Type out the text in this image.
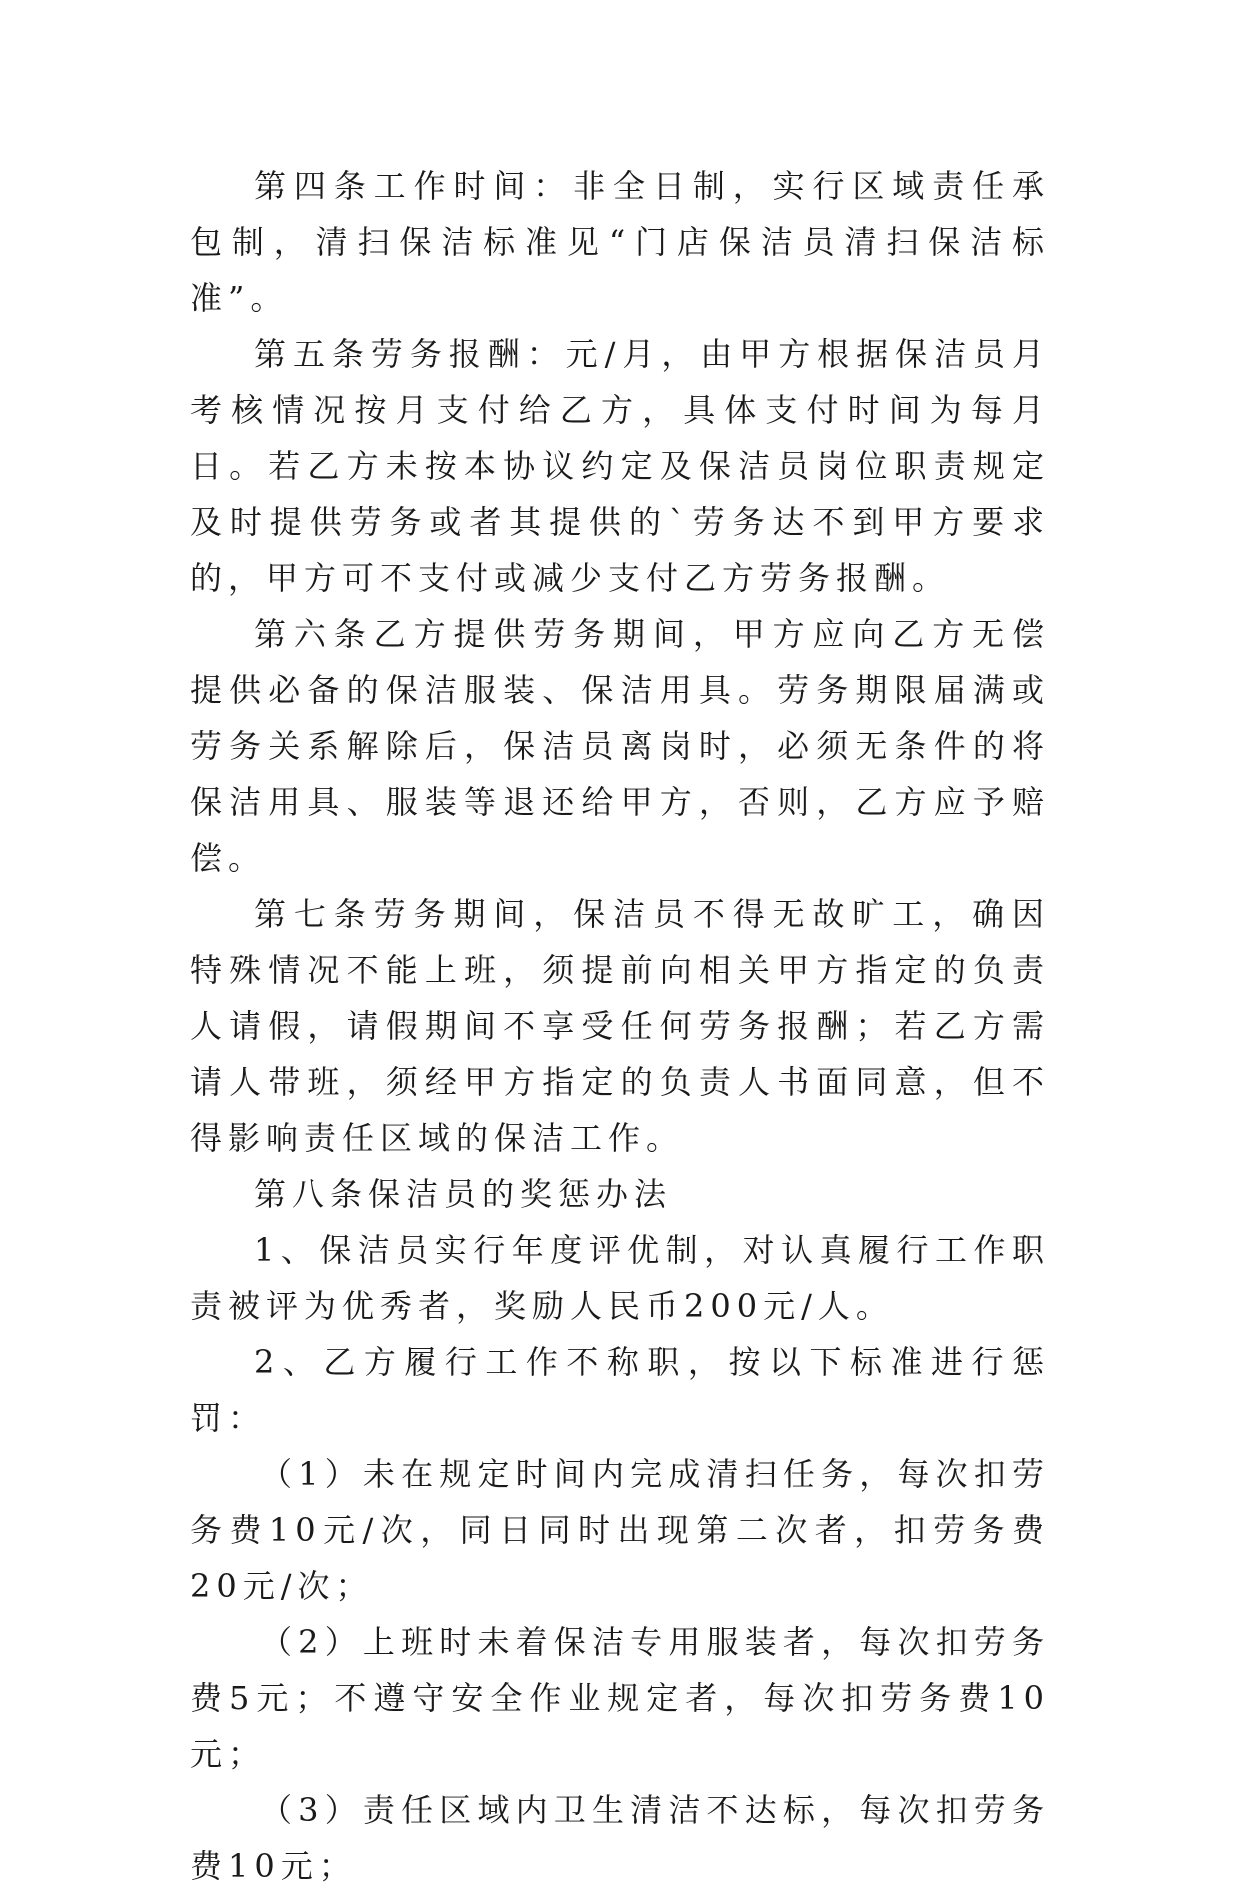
第四条工作时间：非全日制，实行区域责任承包制，清扫保洁标准见“门店保洁员清扫保洁标准”。

第五条劳务报酬：元/月，由甲方根据保洁员月考核情况按月支付给乙方，具体支付时间为每月日。若乙方未按本协议约定及保洁员岗位职责规定及时提供劳务或者其提供的`劳务达不到甲方要求的，甲方可不支付或减少支付乙方劳务报酬。

第六条乙方提供劳务期间，甲方应向乙方无偿提供必备的保洁服装、保洁用具。劳务期限届满或劳务关系解除后，保洁员离岗时，必须无条件的将保洁用具、服装等退还给甲方，否则，乙方应予赔偿。

第七条劳务期间，保洁员不得无故旷工，确因特殊情况不能上班，须提前向相关甲方指定的负责人请假，请假期间不享受任何劳务报酬；若乙方需请人带班，须经甲方指定的负责人书面同意，但不得影响责任区域的保洁工作。

第八条保洁员的奖惩办法

1、保洁员实行年度评优制，对认真履行工作职责被评为优秀者，奖励人民币200元/人。

2、乙方履行工作不称职，按以下标准进行惩罚：

（1）未在规定时间内完成清扫任务，每次扣劳务费10元/次，同日同时出现第二次者，扣劳务费20元/次；

（2）上班时未着保洁专用服装者，每次扣劳务费5元；不遵守安全作业规定者，每次扣劳务费10元；

（3）责任区域内卫生清洁不达标，每次扣劳务费10元；
